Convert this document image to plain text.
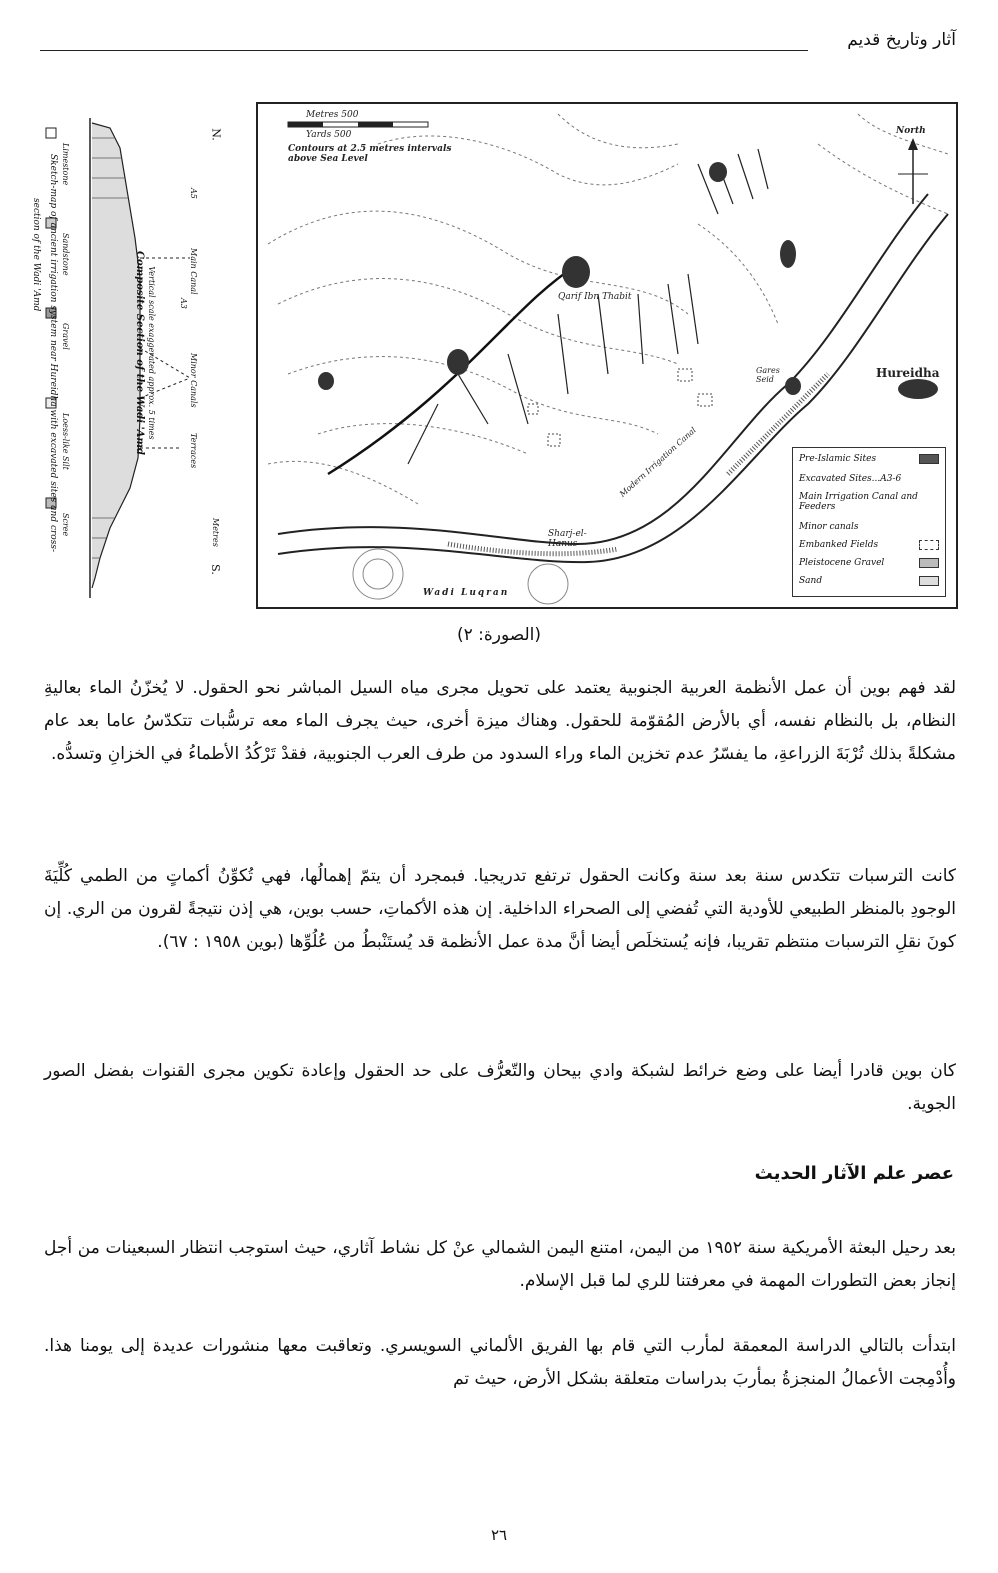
آثار وتاريخ قديم
Metres 500
Yards 500
Contours at 2.5 metres intervals above Sea Level
North
Hureidha
Qarif Ibn Thabit
Sharj-el-Hanus
Wadi Luqran
Gares Seid
Modern Irrigation Canal	Pre-Islamic Sites
Excavated Sites...A3-6
Main Irrigation Canal and Feeders
Minor canals
Embanked Fields
Pleistocene Gravel
Sand
Composite Section of the Wadi 'Amd Vertical scale exaggerated approx. 5 times
N.
S.
A5
Main Canal
Minor Canals
Terraces
A3
Metres
Limestone
Sandstone
Gravel
Loess-like Silt
Scree
Sketch-map of ancient irrigation system near Hureidha with excavated sites and cross-
section of the Wadi 'Amd
(الصورة: ٢)

لقد فهم بوين أن عمل الأنظمة العربية الجنوبية يعتمد على تحويل مجرى مياه السيل المباشر نحو الحقول. لا يُخزّنُ الماء بعاليةِ النظام، بل بالنظام نفسه، أي بالأرض المُقوّمة للحقول. وهناك ميزة أخرى، حيث يجرف الماء معه ترسُّبات تتكدّسُ عاما بعد عام مشكلةً بذلك تُرْبَةَ الزراعةِ، ما يفسّرُ عدم تخزين الماء وراء السدود من طرف العرب الجنوبية، فقدْ تَرْكُدُ الأطماءُ في الخزانِ وتسدُّه.

كانت الترسبات تتكدس سنة بعد سنة وكانت الحقول ترتفع تدريجيا. فبمجرد أن يتمّ إهمالُها، فهي تُكوِّنُ أكماتٍ من الطمي كُلِّيَةَ الوجودِ بالمنظر الطبيعي للأودية التي تُفضي إلى الصحراء الداخلية. إن هذه الأكماتِ، حسب بوين، هي إذن نتيجةً لقرون من الري. إن كونَ نقلِ الترسبات منتظم تقريبا، فإنه يُستخلَص أيضا أنَّ مدة عمل الأنظمة قد يُستَنْبطُ من عُلُوِّها (بوين ١٩٥٨ : ٦٧).

كان بوين قادرا أيضا على وضع خرائط لشبكة وادي بيحان والتّعرُّف على حد الحقول وإعادة تكوين مجرى القنوات بفضل الصور الجوية.

عصر علم الآثار الحديث

بعد رحيل البعثة الأمريكية سنة ١٩٥٢ من اليمن، امتنع اليمن الشمالي عنْ كل نشاط آثاري، حيث استوجب انتظار السبعينات من أجل إنجاز بعض التطورات المهمة في معرفتنا للري لما قبل الإسلام.

ابتدأت بالتالي الدراسة المعمقة لمأرب التي قام بها الفريق الألماني السويسري. وتعاقبت معها منشورات عديدة إلى يومنا هذا. وأُدْمِجت الأعمالُ المنجزةُ بمأربَ بدراسات متعلقة بشكل الأرض، حيث تم

٢٦
